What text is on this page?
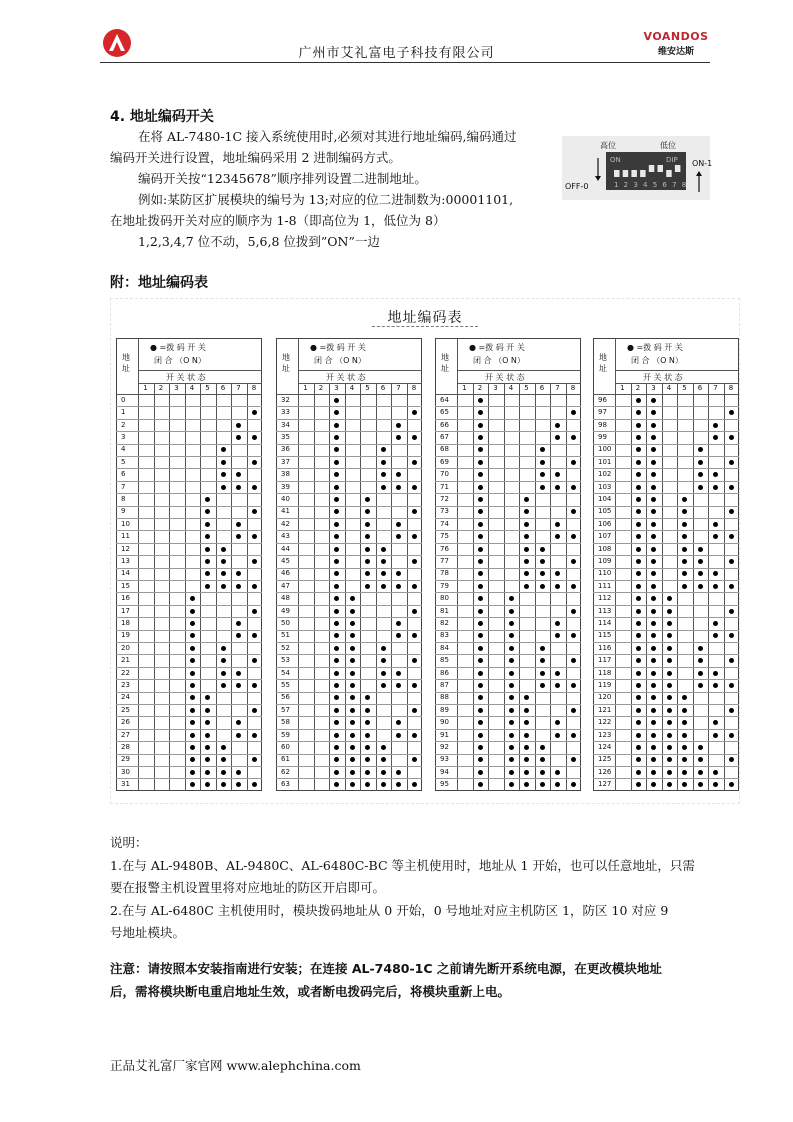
广州市艾礼富电子科技有限公司
VOANDOS
维安达斯
4. 地址编码开关
在将 AL-7480-1C 接入系统使用时,必须对其进行地址编码,编码通过
编码开关进行设置，地址编码采用 2 进制编码方式。
编码开关按“12345678”顺序排列设置二进制地址。
例如:某防区扩展模块的编号为 13;对应的位二进制数为:00001101,
在地址拨码开关对应的顺序为 1-8（即高位为 1，低位为 8）
1,2,3,4,7 位不动，5,6,8 位拨到”ON”一边
高位	低位
ON	DIP
1 2 3 4 5 6 7 8
OFF-0
ON-1
附：地址编码表
地址编码表
● =拨 码 开 关
闭 合 （O N）
地址
开 关 状 态
1 2 3 4 5 6 7 8
0
1
2
3
4
5
6
7
8
9
10
11
12
13
14
15
16
17
18
19
20
21
22
23
24
25
26
27
28
29
30
31
● =拨 码 开 关
闭 合 （O N）
地址
开 关 状 态
1 2 3 4 5 6 7 8
32
33
34
35
36
37
38
39
40
41
42
43
44
45
46
47
48
49
50
51
52
53
54
55
56
57
58
59
60
61
62
63
● =拨 码 开 关
闭 合 （O N）
地址
开 关 状 态
1 2 3 4 5 6 7 8
64
65
66
67
68
69
70
71
72
73
74
75
76
77
78
79
80
81
82
83
84
85
86
87
88
89
90
91
92
93
94
95
● =拨 码 开 关
闭 合 （O N）
地址
开 关 状 态
1 2 3 4 5 6 7 8
96
97
98
99
100
101
102
103
104
105
106
107
108
109
110
111
112
113
114
115
116
117
118
119
120
121
122
123
124
125
126
127
说明：
1.在与 AL-9480B、AL-9480C、AL-6480C-BC 等主机使用时，地址从 1 开始，也可以任意地址，只需
要在报警主机设置里将对应地址的防区开启即可。
2.在与 AL-6480C 主机使用时，模块拨码地址从 0 开始，0 号地址对应主机防区 1，防区 10 对应 9
号地址模块。
注意：请按照本安装指南进行安装；在连接 AL-7480-1C 之前请先断开系统电源，在更改模块地址
后，需将模块断电重启地址生效，或者断电拨码完后，将模块重新上电。
正品艾礼富厂家官网 www.alephchina.com
